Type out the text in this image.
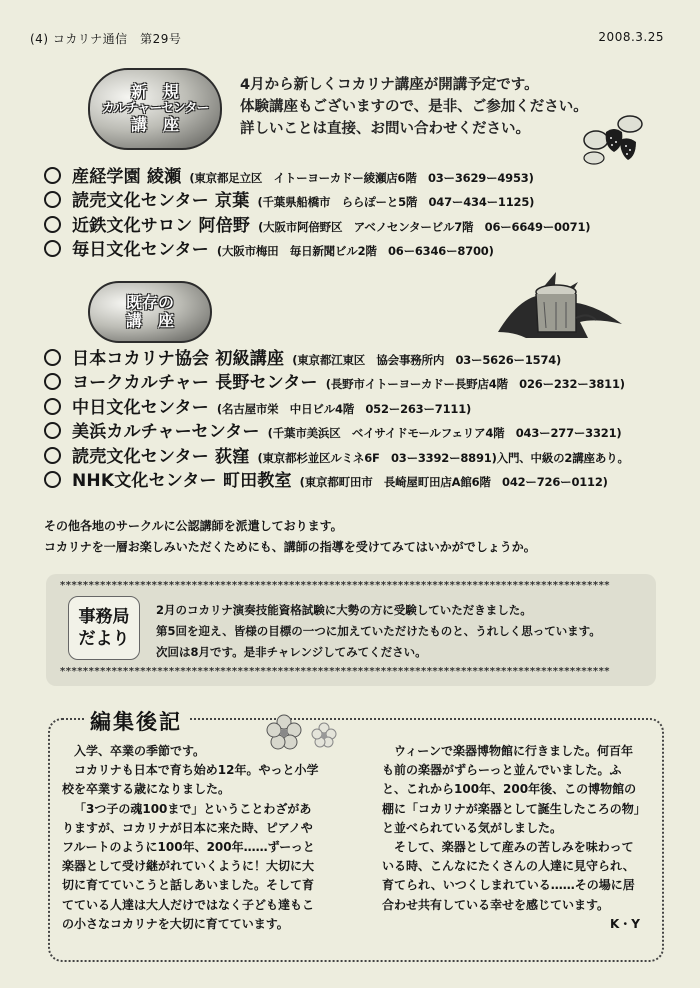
(4) コカリナ通信　第29号	2008.3.25
新　規
カルチャーセンター
講　座
4月から新しくコカリナ講座が開講予定です。
体験講座もございますので、是非、ご参加ください。
詳しいことは直接、お問い合わせください。
産経学園 綾瀬 (東京都足立区　イトーヨーカドー綾瀬店6階　03ー3629ー4953)
読売文化センター 京葉 (千葉県船橋市　ららぽーと5階　047ー434ー1125)
近鉄文化サロン 阿倍野 (大阪市阿倍野区　アベノセンタービル7階　06ー6649ー0071)
毎日文化センター (大阪市梅田　毎日新聞ビル2階　06ー6346ー8700)
既存の
講　座
日本コカリナ協会 初級講座 (東京都江東区　協会事務所内　03ー5626ー1574)
ヨークカルチャー 長野センター (長野市イトーヨーカドー長野店4階　026ー232ー3811)
中日文化センター (名古屋市栄　中日ビル4階　052ー263ー7111)
美浜カルチャーセンター (千葉市美浜区　ベイサイドモールフェリア4階　043ー277ー3321)
読売文化センター 荻窪 (東京都杉並区ルミネ6F　03ー3392ー8891)入門、中級の2講座あり。
NHK文化センター 町田教室 (東京都町田市　長崎屋町田店A館6階　042ー726ー0112)
その他各地のサークルに公認講師を派遣しております。
コカリナを一層お楽しみいただくためにも、講師の指導を受けてみてはいかがでしょうか。
************************************************************************************************
事務局
だより
2月のコカリナ演奏技能資格試験に大勢の方に受験していただきました。
第5回を迎え、皆様の目標の一つに加えていただけたものと、うれしく思っています。
次回は8月です。是非チャレンジしてみてください。
************************************************************************************************
編集後記

入学、卒業の季節です。

コカリナも日本で育ち始め12年。やっと小学校を卒業する歳になりました。

「3つ子の魂100まで」ということわざがありますが、コカリナが日本に来た時、ピアノやフルートのように100年、200年……ずーっと楽器として受け継がれていくように！大切に大切に育てていこうと話しあいました。そして育てている人達は大人だけではなく子ども達もこの小さなコカリナを大切に育てています。

ウィーンで楽器博物館に行きました。何百年も前の楽器がずらーっと並んでいました。ふと、これから100年、200年後、この博物館の棚に「コカリナが楽器として誕生したころの物」と並べられている気がしました。

そして、楽器として産みの苦しみを味わっている時、こんなにたくさんの人達に見守られ、育てられ、いつくしまれている……その場に居合わせ共有している幸せを感じています。

K・Y
